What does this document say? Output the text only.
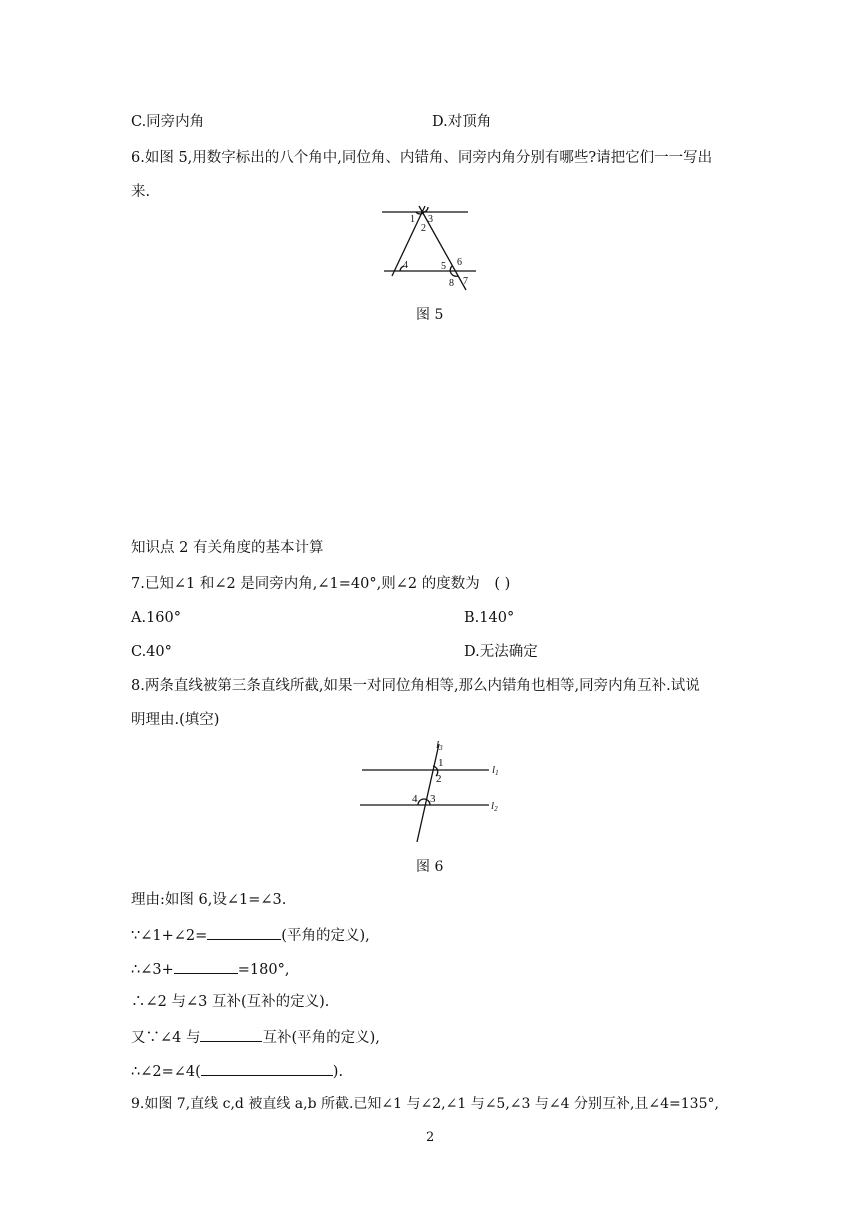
C.同旁内角	D.对顶角
6.如图 5,用数字标出的八个角中,同位角、内错角、同旁内角分别有哪些?请把它们一一写出
来.
1
2
3
4	5 6
7
8
图 5
知识点 2 有关角度的基本计算
7.已知∠1 和∠2 是同旁内角,∠1=40°,则∠2 的度数为 ( )
A.160°	B.140°
C.40°	D.无法确定
8.两条直线被第三条直线所截,如果一对同位角相等,那么内错角也相等,同旁内角互补.试说
明理由.(填空)
l3
l1
l2
1
2
3
4
图 6
理由:如图 6,设∠1=∠3.
∵∠1+∠2=	(平角的定义),
∴∠3+	=180°,
∴∠2 与∠3 互补(互补的定义).
又∵∠4 与	互补(平角的定义),
∴∠2=∠4(	).
9.如图 7,直线 c,d 被直线 a,b 所截.已知∠1 与∠2,∠1 与∠5,∠3 与∠4 分别互补,且∠4=135°,
2
